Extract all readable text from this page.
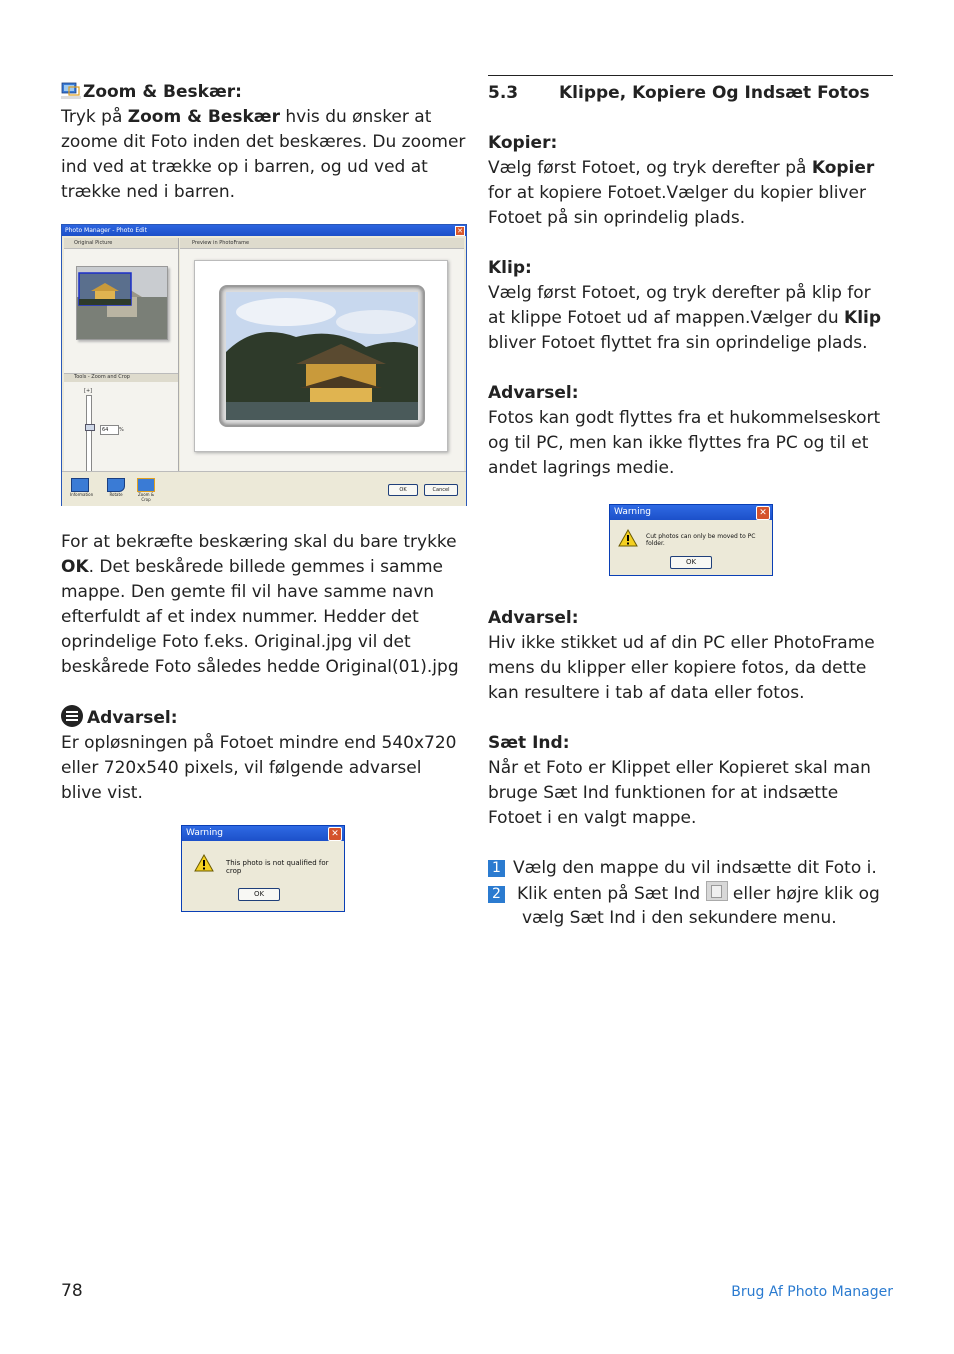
Zoom & Beskær:

Tryk på Zoom & Beskær hvis du ønsker at zoome dit Foto inden det beskæres. Du zoomer ind ved at trække op i barren, og ud ved at trække ned i barren.

Photo Manager - Photo Edit	✕
Original Picture
Tools - Zoom and Crop
[+]
64	%
Preview in PhotoFrame
Information	Rotate	Zoom & Crop
OK	Cancel

For at bekræfte beskæring skal du bare trykke OK. Det beskårede billede gemmes i samme mappe. Den gemte fil vil have samme navn efterfuldt af et index nummer. Hedder det oprindelige Foto f.eks. Original.jpg vil det beskårede Foto således hedde Original(01).jpg

Advarsel:

Er opløsningen på Fotoet mindre end 540x720 eller 720x540 pixels, vil følgende advarsel blive vist.

Warning	✕
This photo is not qualified for crop
OK
5.3 Klippe, Kopiere Og Indsæt Fotos
Kopier:

Vælg først Fotoet, og tryk derefter på Kopier for at kopiere Fotoet.Vælger du kopier bliver Fotoet på sin oprindelig plads.

Klip:

Vælg først Fotoet, og tryk derefter på klip for at klippe Fotoet ud af mappen.Vælger du Klip bliver Fotoet flyttet fra sin oprindelige plads.

Advarsel:

Fotos kan godt flyttes fra et hukommelseskort og til PC, men kan ikke flyttes fra PC og til et andet lagrings medie.

Warning	✕
Cut photos can only be moved to PC folder.
OK
Advarsel:

Hiv ikke stikket ud af din PC eller PhotoFrame mens du klipper eller kopiere fotos, da dette kan resultere i tab af data eller fotos.

Sæt Ind:

Når et Foto er Klippet eller Kopieret skal man bruge Sæt Ind funktionen for at indsætte Fotoet i en valgt mappe.

1 Vælg den mappe du vil indsætte dit Foto i.
2 Klik enten på Sæt Ind
eller højre klik og
vælg Sæt Ind i den sekundere menu.
78	Brug Af Photo Manager
